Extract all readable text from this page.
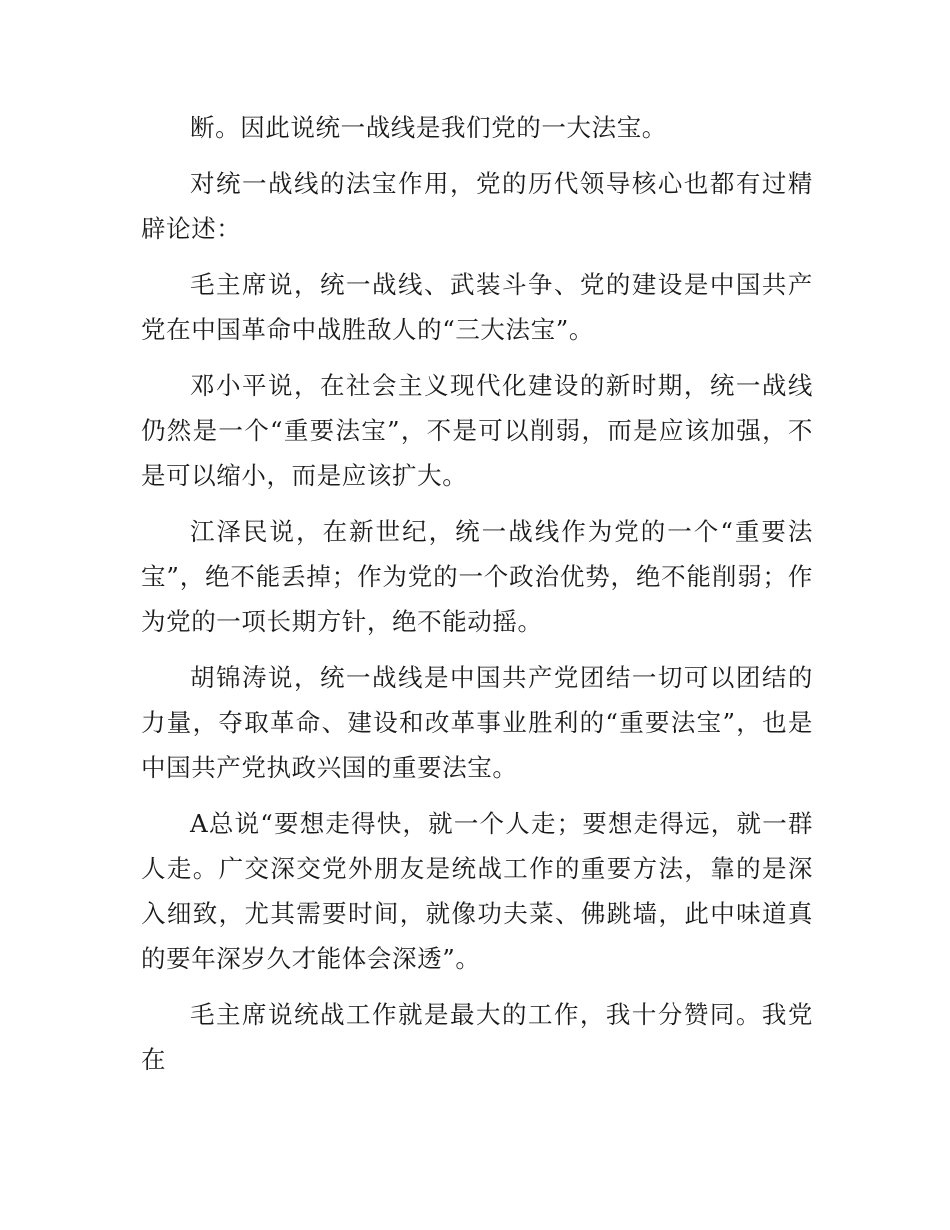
断。因此说统一战线是我们党的一大法宝。

对统一战线的法宝作用，党的历代领导核心也都有过精辟论述：

毛主席说，统一战线、武装斗争、党的建设是中国共产党在中国革命中战胜敌人的“三大法宝”。

邓小平说，在社会主义现代化建设的新时期，统一战线仍然是一个“重要法宝”，不是可以削弱，而是应该加强，不是可以缩小，而是应该扩大。

江泽民说，在新世纪，统一战线作为党的一个“重要法宝”，绝不能丢掉；作为党的一个政治优势，绝不能削弱；作为党的一项长期方针，绝不能动摇。

胡锦涛说，统一战线是中国共产党团结一切可以团结的力量，夺取革命、建设和改革事业胜利的“重要法宝”，也是中国共产党执政兴国的重要法宝。

A总说“要想走得快，就一个人走；要想走得远，就一群人走。广交深交党外朋友是统战工作的重要方法，靠的是深入细致，尤其需要时间，就像功夫菜、佛跳墙，此中味道真的要年深岁久才能体会深透”。

毛主席说统战工作就是最大的工作，我十分赞同。我党在
